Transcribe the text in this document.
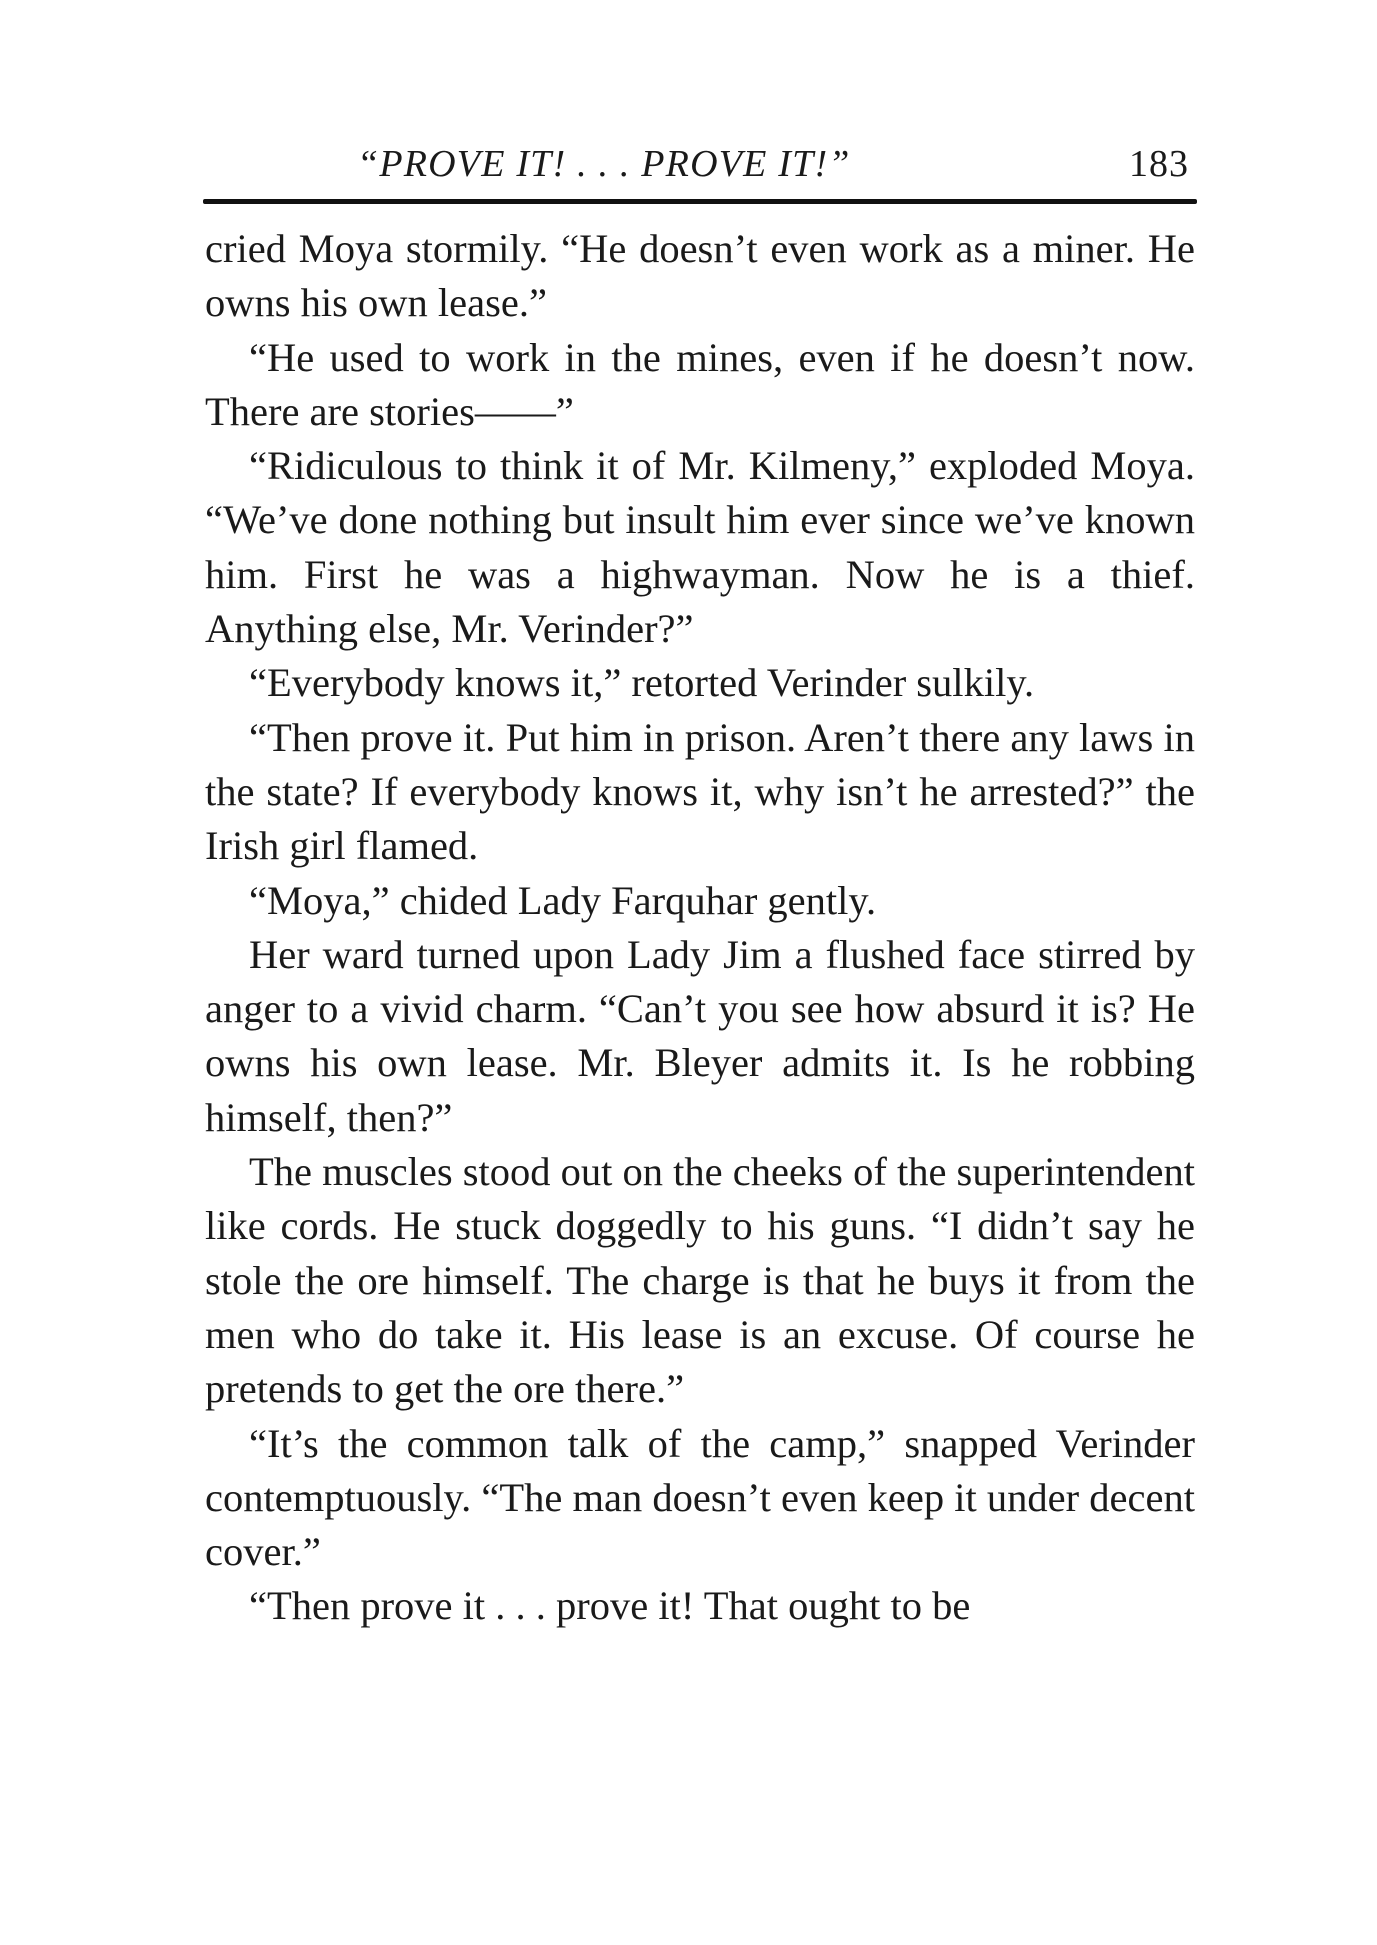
“PROVE IT! . . . PROVE IT!”	183

cried Moya stormily. “He doesn’t even work as a miner. He owns his own lease.”

“He used to work in the mines, even if he doesn’t now. There are stories——”

“Ridiculous to think it of Mr. Kilmeny,” exploded Moya. “We’ve done nothing but insult him ever since we’ve known him. First he was a highwayman. Now he is a thief. Anything else, Mr. Verinder?”

“Everybody knows it,” retorted Verinder sulkily.

“Then prove it. Put him in prison. Aren’t there any laws in the state? If everybody knows it, why isn’t he arrested?” the Irish girl flamed.

“Moya,” chided Lady Farquhar gently.

Her ward turned upon Lady Jim a flushed face stirred by anger to a vivid charm. “Can’t you see how absurd it is? He owns his own lease. Mr. Bleyer admits it. Is he robbing himself, then?”

The muscles stood out on the cheeks of the superintendent like cords. He stuck doggedly to his guns. “I didn’t say he stole the ore himself. The charge is that he buys it from the men who do take it. His lease is an excuse. Of course he pretends to get the ore there.”

“It’s the common talk of the camp,” snapped Verinder contemptuously. “The man doesn’t even keep it under decent cover.”

“Then prove it . . . prove it! That ought to be
